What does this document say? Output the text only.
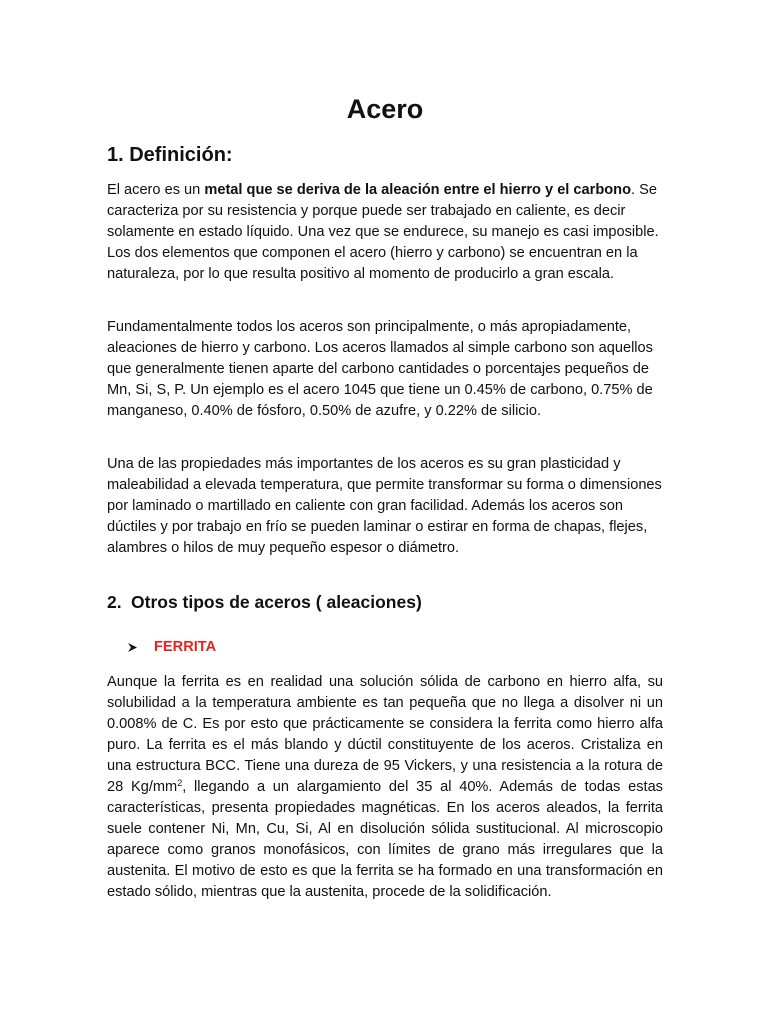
Acero
1. Definición:

El acero es un metal que se deriva de la aleación entre el hierro y el carbono. Se caracteriza por su resistencia y porque puede ser trabajado en caliente, es decir solamente en estado líquido. Una vez que se endurece, su manejo es casi imposible. Los dos elementos que componen el acero (hierro y carbono) se encuentran en la naturaleza, por lo que resulta positivo al momento de producirlo a gran escala.

Fundamentalmente todos los aceros son principalmente, o más apropiadamente, aleaciones de hierro y carbono. Los aceros llamados al simple carbono son aquellos que generalmente tienen aparte del carbono cantidades o porcentajes pequeños de Mn, Si, S, P. Un ejemplo es el acero 1045 que tiene un 0.45% de carbono, 0.75% de manganeso, 0.40% de fósforo, 0.50% de azufre, y 0.22% de silicio.

Una de las propiedades más importantes de los aceros es su gran plasticidad y maleabilidad a elevada temperatura, que permite transformar su forma o dimensiones por laminado o martillado en caliente con gran facilidad. Además los aceros son dúctiles y por trabajo en frío se pueden laminar o estirar en forma de chapas, flejes, alambres o hilos de muy pequeño espesor o diámetro.

2. Otros tipos de aceros ( aleaciones)
FERRITA

Aunque la ferrita es en realidad una solución sólida de carbono en hierro alfa, su solubilidad a la temperatura ambiente es tan pequeña que no llega a disolver ni un 0.008% de C. Es por esto que prácticamente se considera la ferrita como hierro alfa puro. La ferrita es el más blando y dúctil constituyente de los aceros. Cristaliza en una estructura BCC. Tiene una dureza de 95 Vickers, y una resistencia a la rotura de 28 $Kg/mm^2$, llegando a un alargamiento del 35 al 40%. Además de todas estas características, presenta propiedades magnéticas. En los aceros aleados, la ferrita suele contener Ni, Mn, Cu, Si, Al en disolución sólida sustitucional. Al microscopio aparece como granos monofásicos, con límites de grano más irregulares que la austenita. El motivo de esto es que la ferrita se ha formado en una transformación en estado sólido, mientras que la austenita, procede de la solidificación.
